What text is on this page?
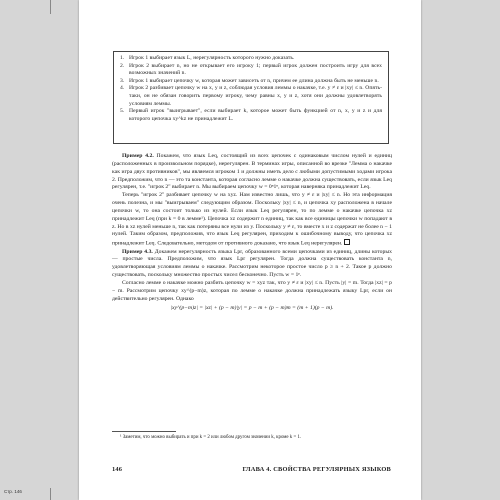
1. Игрок 1 выбирает язык L, нерегулярность которого нужно доказать.
2. Игрок 2 выбирает n, но не открывает его игроку 1; первый игрок должен построить игру для всех возможных значений n.
3. Игрок 1 выбирает цепочку w, которая может зависеть от n, причем ее длина должна быть не меньше n.
4. Игрок 2 разбивает цепочку w на x, y и z, соблюдая условия леммы о накачке, т.е. y ≠ ε и |xy| ≤ n. Опять-таки, он не обязан говорить первому игроку, чему равны x, y и z, хотя они должны удовлетворять условиям леммы.
5. Первый игрок "выигрывает", если выбирает k, которое может быть функцией от n, x, y и z и для которого цепочка xy^kz не принадлежит L.

Пример 4.2. Покажем, что язык Leq, состоящий из всех цепочек с одинаковым числом нулей и единиц (расположенных в произвольном порядке), нерегулярен. В терминах игры, описанной во врезке "Лемма о накачке как игра двух противников", мы являемся игроком 1 и должны иметь дело с любыми допустимыми ходами игрока 2. Предположим, что n — это та константа, которая согласно лемме о накачке должна существовать, если язык Leq регулярен, т.е. "игрок 2" выбирает n. Мы выбираем цепочку w = 0ⁿ1ⁿ, которая наверняка принадлежит Leq.

Теперь "игрок 2" разбивает цепочку w на xyz. Нам известно лишь, что y ≠ ε и |xy| ≤ n. Но эта информация очень полезна, и мы "выигрываем" следующим образом. Поскольку |xy| ≤ n, и цепочка xy расположена в начале цепочки w, то она состоит только из нулей. Если язык Leq регулярен, то по лемме о накачке цепочка xz принадлежит Leq (при k = 0 в лемме¹). Цепочка xz содержит n единиц, так как все единицы цепочки w попадают в z. Но в xz нулей меньше n, так как потеряны все нули из y. Поскольку y ≠ ε, то вместе x и z содержат не более n − 1 нулей. Таким образом, предположив, что язык Leq регулярен, приходим к ошибочному выводу, что цепочка xz принадлежит Leq. Следовательно, методом от противного доказано, что язык Leq нерегулярен.

Пример 4.3. Докажем нерегулярность языка Lpr, образованного всеми цепочками из единиц, длины которых — простые числа. Предположим, что язык Lpr регулярен. Тогда должна существовать константа n, удовлетворяющая условиям леммы о накачке. Рассмотрим некоторое простое число p ≥ n + 2. Такое p должно существовать, поскольку множество простых чисел бесконечно. Пусть w = 1ᵖ.

Согласно лемме о накачке можно разбить цепочку w = xyz так, что y ≠ ε и |xy| ≤ n. Пусть |y| = m. Тогда |xz| = p − m. Рассмотрим цепочку xy^(p−m)z, которая по лемме о накачке должна принадлежать языку Lpr, если он действительно регулярен. Однако

|xy^(p−m)z| = |xz| + (p − m)|y| = p − m + (p − m)m = (m + 1)(p − m).

¹ Заметим, что можно выбирать и при k = 2 или любом другом значении k, кроме k = 1.
146	ГЛАВА 4. СВОЙСТВА РЕГУЛЯРНЫХ ЯЗЫКОВ
Стр. 146
